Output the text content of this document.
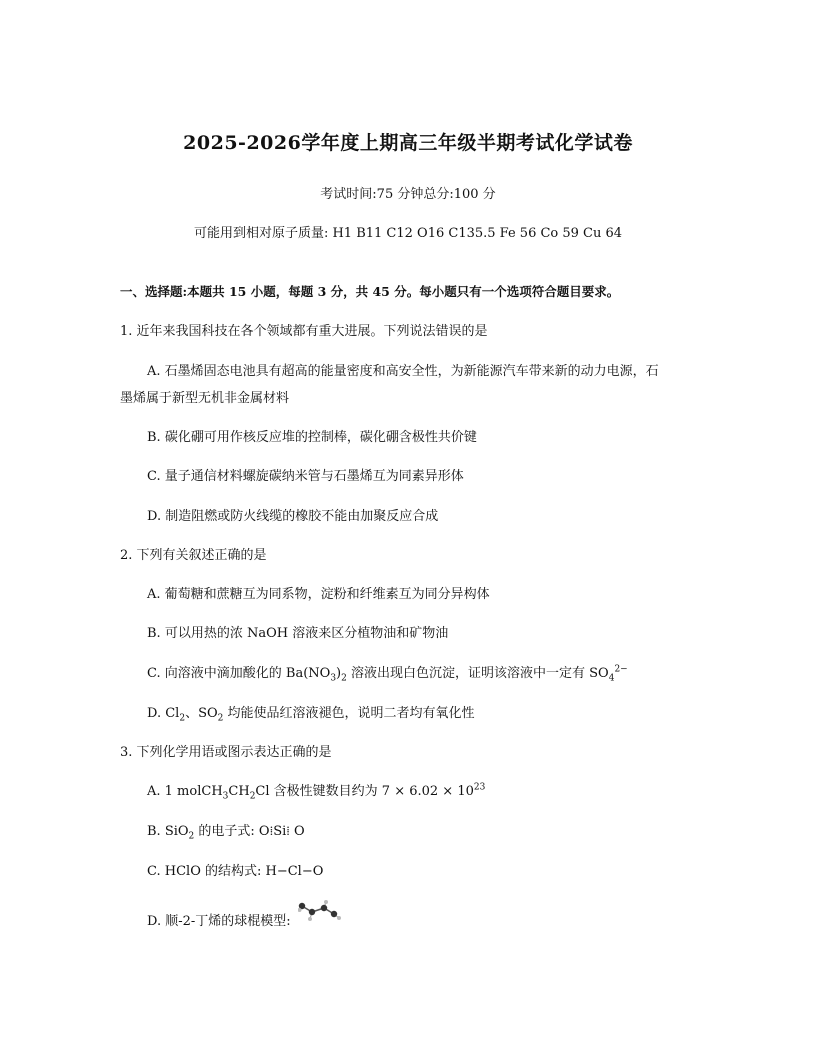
2025-2026学年度上期高三年级半期考试化学试卷
考试时间:75 分钟总分:100 分
可能用到相对原子质量: H1 B11 C12 O16 C135.5 Fe 56 Co 59 Cu 64
一、选择题:本题共 15 小题，每题 3 分，共 45 分。每小题只有一个选项符合题目要求。
1. 近年来我国科技在各个领域都有重大进展。下列说法错误的是
A. 石墨烯固态电池具有超高的能量密度和高安全性，为新能源汽车带来新的动力电源，石
墨烯属于新型无机非金属材料
B. 碳化硼可用作核反应堆的控制棒，碳化硼含极性共价键
C. 量子通信材料螺旋碳纳米管与石墨烯互为同素异形体
D. 制造阻燃或防火线缆的橡胶不能由加聚反应合成
2. 下列有关叙述正确的是
A. 葡萄糖和蔗糖互为同系物，淀粉和纤维素互为同分异构体
B. 可以用热的浓 NaOH 溶液来区分植物油和矿物油
C. 向溶液中滴加酸化的 $Ba(NO_3)_2$ 溶液出现白色沉淀，证明该溶液中一定有 $SO_4^{2-}$
D. $Cl_2$、$SO_2$ 均能使品红溶液褪色，说明二者均有氧化性
3. 下列化学用语或图示表达正确的是
A. 1 $molCH_3CH_2Cl$ 含极性键数目约为 $7 \times 6.02 \times 10^{23}$
B. SiO$_2$ 的电子式: O⁞Si⁞ O
C. HClO 的结构式: H−Cl−O
D. 顺-2-丁烯的球棍模型:
